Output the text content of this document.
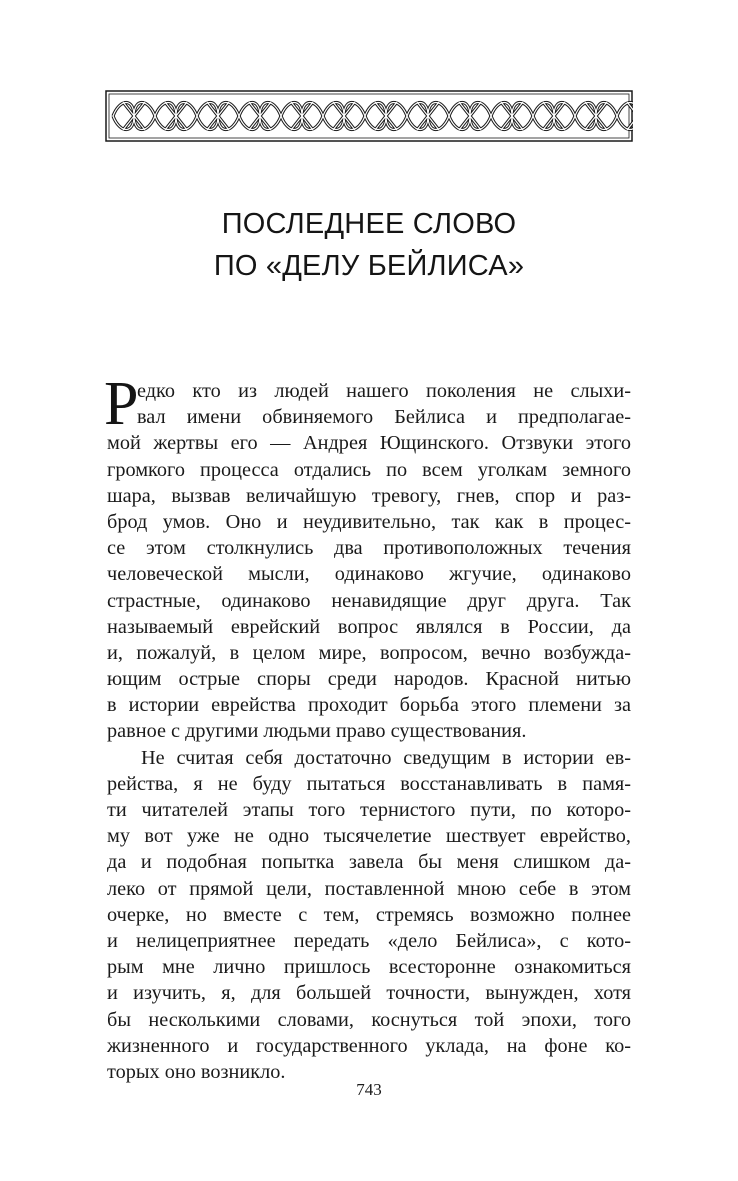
ПОСЛЕДНЕЕ СЛОВО
ПО «ДЕЛУ БЕЙЛИСА»
Р
едко кто из людей нашего поколения не слыхи-
вал имени обвиняемого Бейлиса и предполагае-
мой жертвы его — Андрея Ющинского. Отзвуки этого
громкого процесса отдались по всем уголкам земного
шара, вызвав величайшую тревогу, гнев, спор и раз-
брод умов. Оно и неудивительно, так как в процес-
се этом столкнулись два противоположных течения
человеческой мысли, одинаково жгучие, одинаково
страстные, одинаково ненавидящие друг друга. Так
называемый еврейский вопрос являлся в России, да
и, пожалуй, в целом мире, вопросом, вечно возбужда-
ющим острые споры среди народов. Красной нитью
в истории еврейства проходит борьба этого племени за
равное с другими людьми право существования.
Не считая себя достаточно сведущим в истории ев-
рейства, я не буду пытаться восстанавливать в памя-
ти читателей этапы того тернистого пути, по которо-
му вот уже не одно тысячелетие шествует еврейство,
да и подобная попытка завела бы меня слишком да-
леко от прямой цели, поставленной мною себе в этом
очерке, но вместе с тем, стремясь возможно полнее
и нелицеприятнее передать «дело Бейлиса», с кото-
рым мне лично пришлось всесторонне ознакомиться
и изучить, я, для большей точности, вынужден, хотя
бы несколькими словами, коснуться той эпохи, того
жизненного и государственного уклада, на фоне ко-
торых оно возникло.
743
